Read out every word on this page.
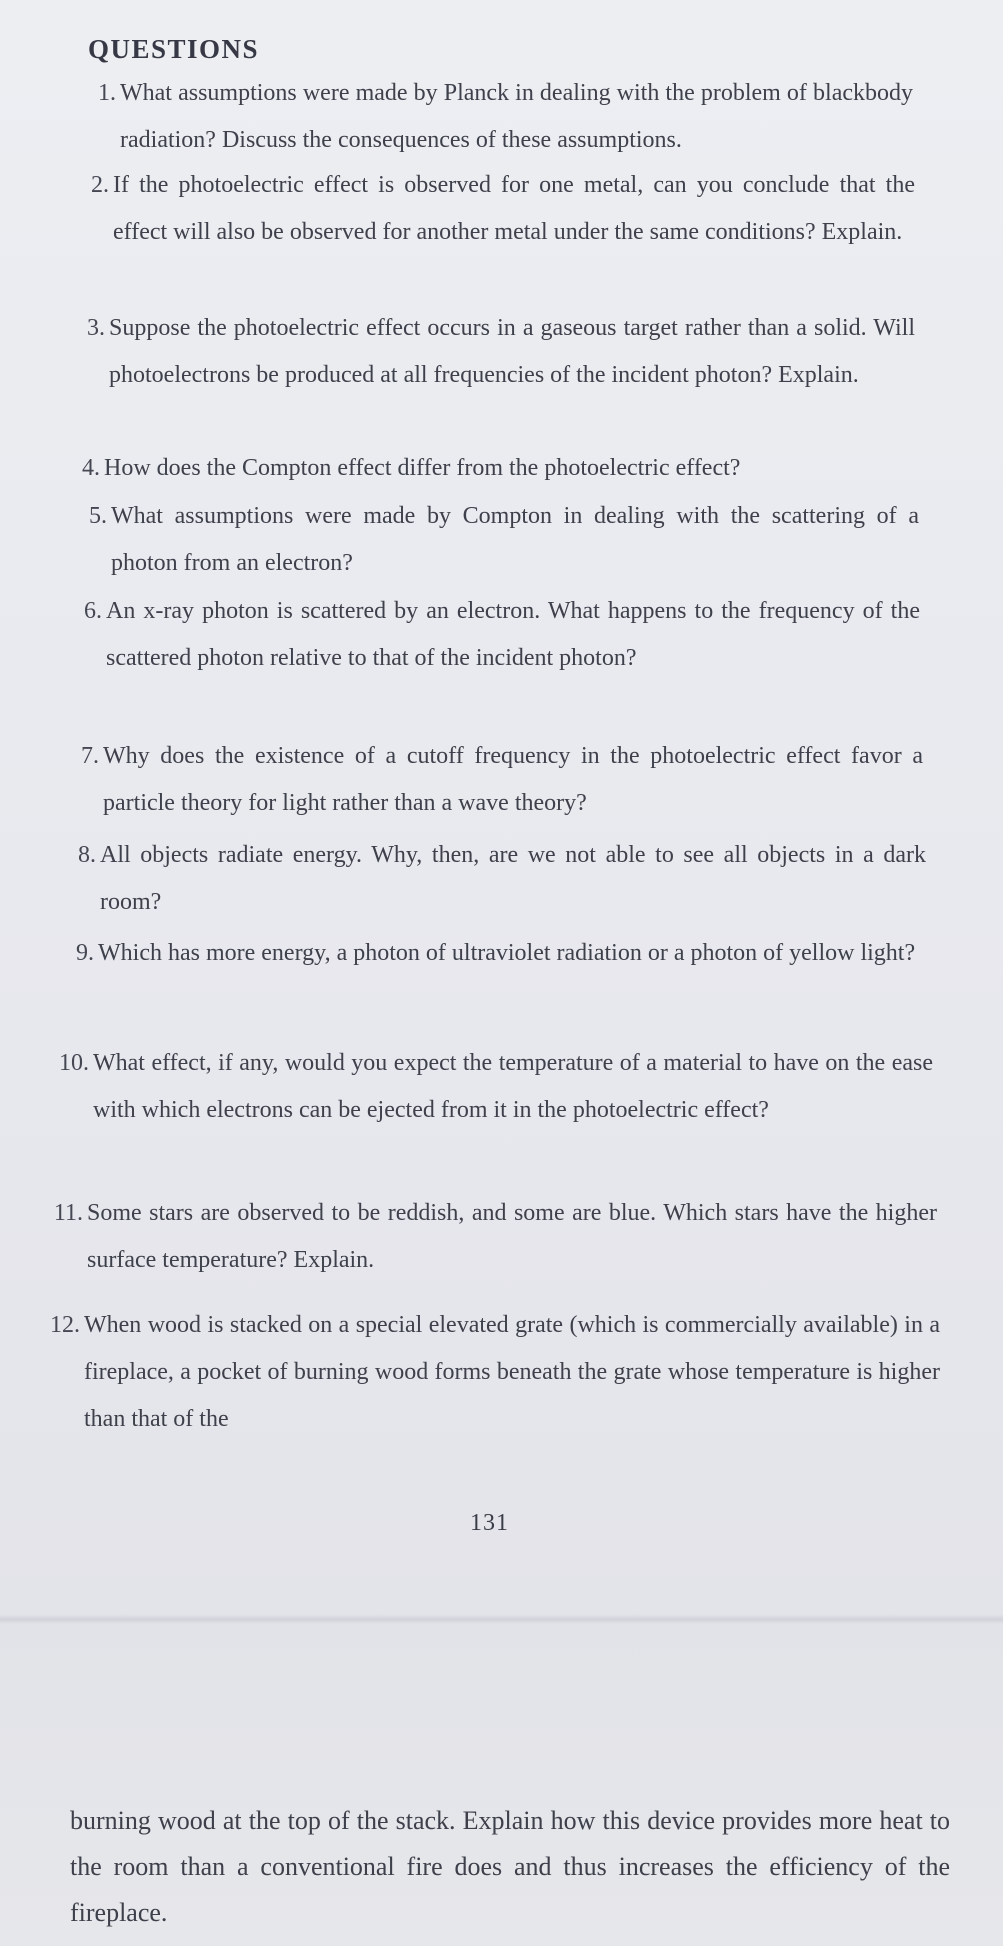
QUESTIONS
1. What assumptions were made by Planck in dealing with the problem of blackbody radiation? Discuss the consequences of these assumptions.
2. If the photoelectric effect is observed for one metal, can you conclude that the effect will also be observed for another metal under the same conditions? Explain.
3. Suppose the photoelectric effect occurs in a gaseous target rather than a solid. Will photoelectrons be produced at all frequencies of the incident photon? Explain.
4. How does the Compton effect differ from the photoelectric effect?
5. What assumptions were made by Compton in dealing with the scattering of a photon from an electron?
6. An x-ray photon is scattered by an electron. What happens to the frequency of the scattered photon relative to that of the incident photon?
7. Why does the existence of a cutoff frequency in the photoelectric effect favor a particle theory for light rather than a wave theory?
8. All objects radiate energy. Why, then, are we not able to see all objects in a dark room?
9. Which has more energy, a photon of ultraviolet radiation or a photon of yellow light?
10. What effect, if any, would you expect the temperature of a material to have on the ease with which electrons can be ejected from it in the photoelectric effect?
11. Some stars are observed to be reddish, and some are blue. Which stars have the higher surface temperature? Explain.
12. When wood is stacked on a special elevated grate (which is commercially available) in a fireplace, a pocket of burning wood forms beneath the grate whose temperature is higher than that of the
131
burning wood at the top of the stack. Explain how this device provides more heat to the room than a conventional fire does and thus increases the efficiency of the fireplace.
